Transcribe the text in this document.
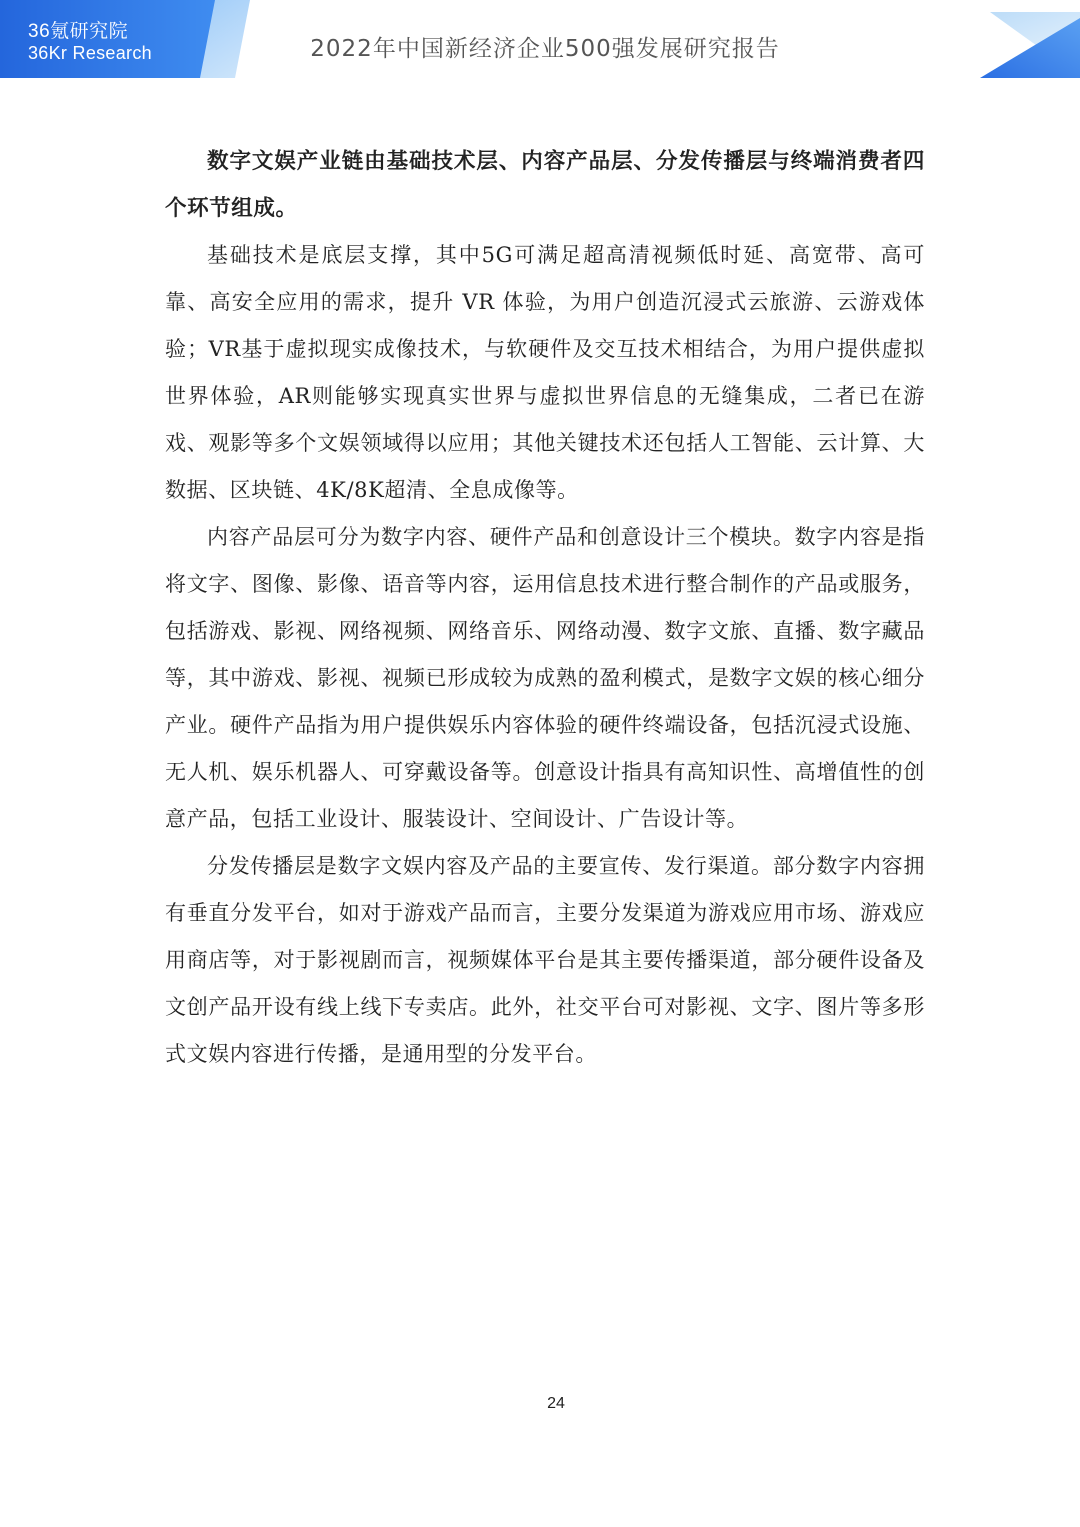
36氪研究院
36Kr Research	2022年中国新经济企业500强发展研究报告

数字文娱产业链由基础技术层、内容产品层、分发传播层与终端消费者四个环节组成。

基础技术是底层支撑，其中5G可满足超高清视频低时延、高宽带、高可靠、高安全应用的需求，提升 VR 体验，为用户创造沉浸式云旅游、云游戏体验；VR基于虚拟现实成像技术，与软硬件及交互技术相结合，为用户提供虚拟世界体验，AR则能够实现真实世界与虚拟世界信息的无缝集成，二者已在游戏、观影等多个文娱领域得以应用；其他关键技术还包括人工智能、云计算、大数据、区块链、4K/8K超清、全息成像等。

内容产品层可分为数字内容、硬件产品和创意设计三个模块。数字内容是指将文字、图像、影像、语音等内容，运用信息技术进行整合制作的产品或服务，包括游戏、影视、网络视频、网络音乐、网络动漫、数字文旅、直播、数字藏品等，其中游戏、影视、视频已形成较为成熟的盈利模式，是数字文娱的核心细分产业。硬件产品指为用户提供娱乐内容体验的硬件终端设备，包括沉浸式设施、无人机、娱乐机器人、可穿戴设备等。创意设计指具有高知识性、高增值性的创意产品，包括工业设计、服装设计、空间设计、广告设计等。

分发传播层是数字文娱内容及产品的主要宣传、发行渠道。部分数字内容拥有垂直分发平台，如对于游戏产品而言，主要分发渠道为游戏应用市场、游戏应用商店等，对于影视剧而言，视频媒体平台是其主要传播渠道，部分硬件设备及文创产品开设有线上线下专卖店。此外，社交平台可对影视、文字、图片等多形式文娱内容进行传播，是通用型的分发平台。

24
